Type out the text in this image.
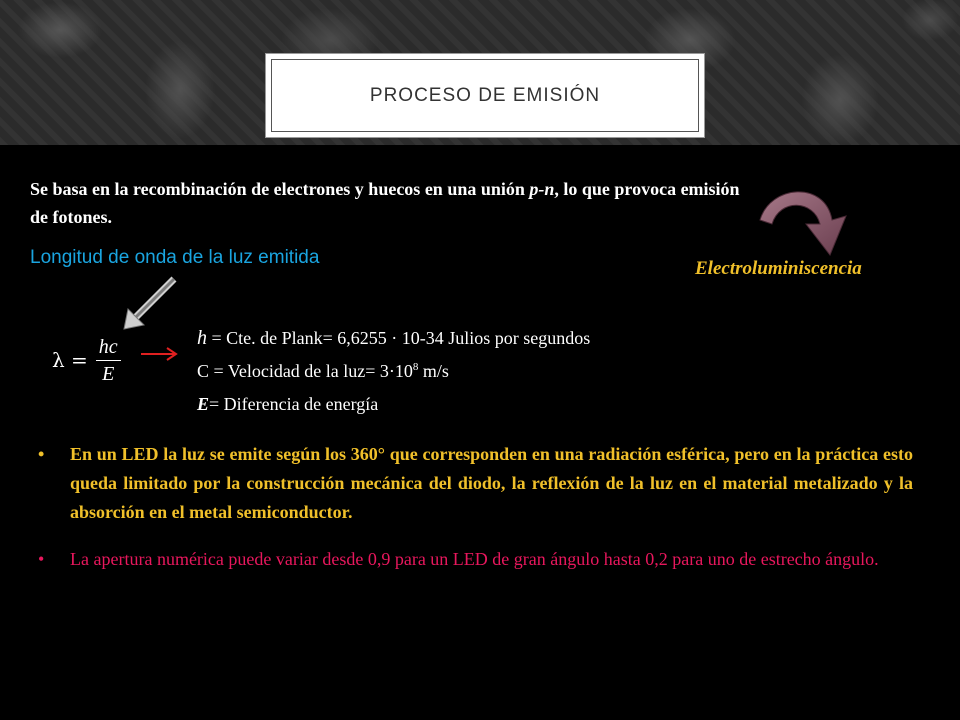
PROCESO DE EMISIÓN
Se basa en la recombinación de electrones y huecos en una unión p-n, lo que provoca emisión de fotones.
Longitud de onda de la luz emitida
Electroluminiscencia
$\lambda = \frac{hc}{E}$	h = Cte. de Plank= 6,6255 · 10-34 Julios por segundos
C = Velocidad de la $luz= 3\cdot 10^8$ m/s
E= Diferencia de energía
• En un LED la luz se emite según los 360° que corresponden en una radiación esférica, pero en la práctica esto queda limitado por la construcción mecánica del diodo, la reflexión de la luz en el material metalizado y la absorción en el metal semiconductor.
• La apertura numérica puede variar desde 0,9 para un LED de gran ángulo hasta 0,2 para uno de estrecho ángulo.
